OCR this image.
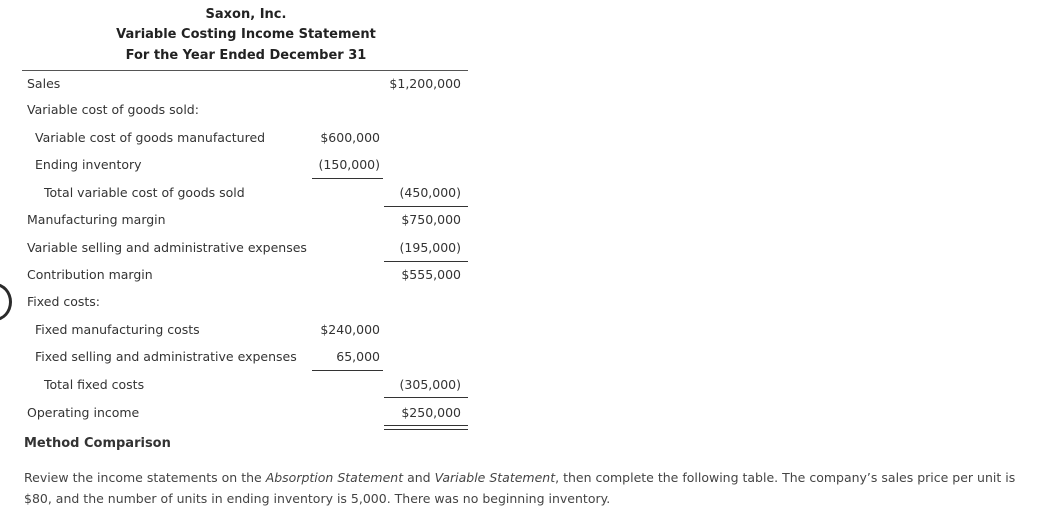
Saxon, Inc.
Variable Costing Income Statement
For the Year Ended December 31
Sales	$1,200,000
Variable cost of goods sold:
Variable cost of goods manufactured	$600,000
Ending inventory	(150,000)
Total variable cost of goods sold	(450,000)
Manufacturing margin	$750,000
Variable selling and administrative expenses	(195,000)
Contribution margin	$555,000
Fixed costs:
Fixed manufacturing costs	$240,000
Fixed selling and administrative expenses	65,000
Total fixed costs	(305,000)
Operating income	$250,000
Method Comparison
Review the income statements on the Absorption Statement and Variable Statement, then complete the following table. The company’s sales price per unit is $80, and the number of units in ending inventory is 5,000. There was no beginning inventory.
